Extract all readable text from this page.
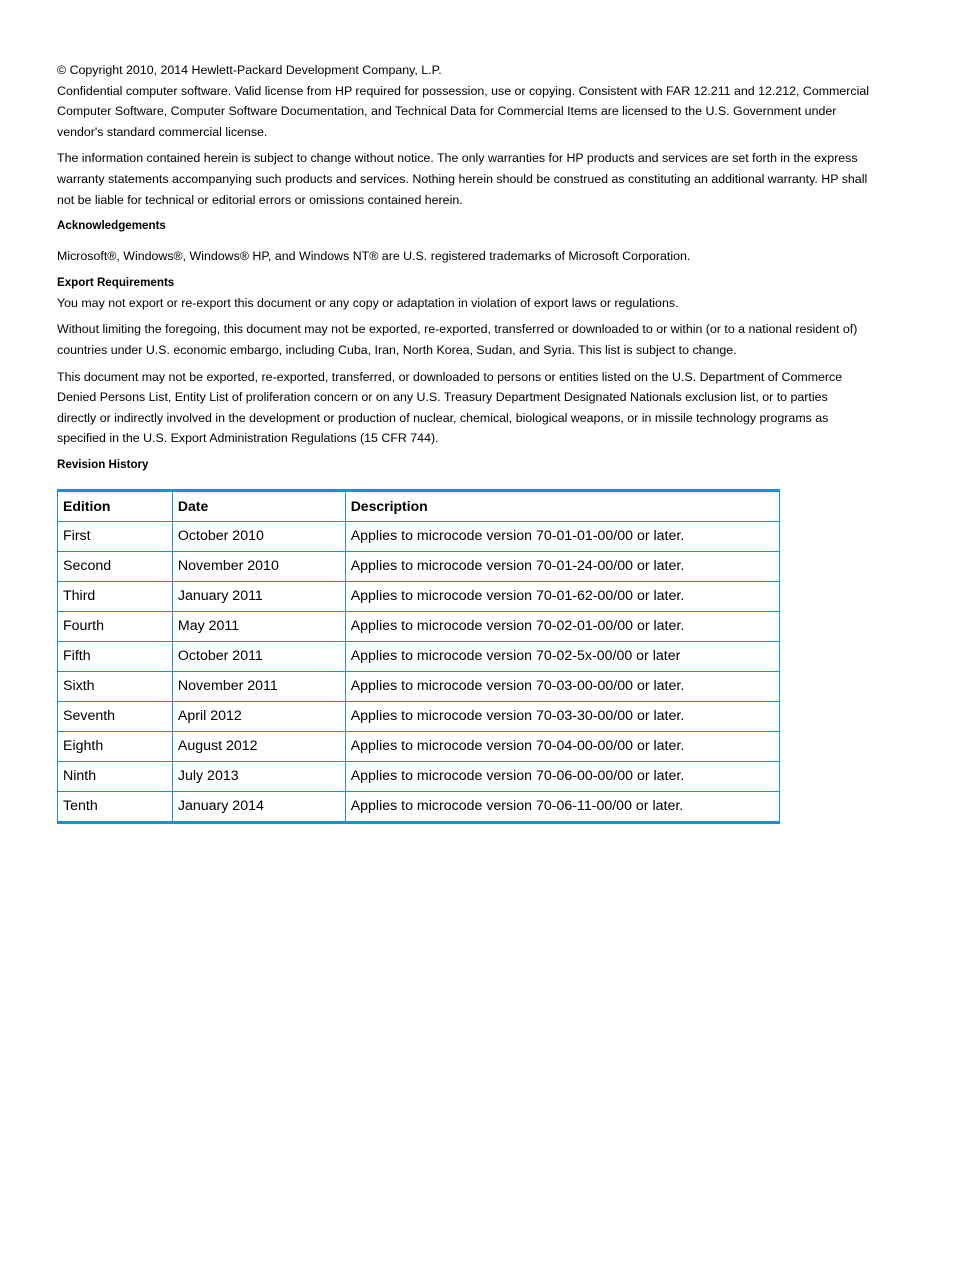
© Copyright 2010, 2014 Hewlett-Packard Development Company, L.P.

Confidential computer software. Valid license from HP required for possession, use or copying. Consistent with FAR 12.211 and 12.212, Commercial Computer Software, Computer Software Documentation, and Technical Data for Commercial Items are licensed to the U.S. Government under vendor's standard commercial license.

The information contained herein is subject to change without notice. The only warranties for HP products and services are set forth in the express warranty statements accompanying such products and services. Nothing herein should be construed as constituting an additional warranty. HP shall not be liable for technical or editorial errors or omissions contained herein.

Acknowledgements

Microsoft®, Windows®, Windows® HP, and Windows NT® are U.S. registered trademarks of Microsoft Corporation.

Export Requirements

You may not export or re-export this document or any copy or adaptation in violation of export laws or regulations.

Without limiting the foregoing, this document may not be exported, re-exported, transferred or downloaded to or within (or to a national resident of) countries under U.S. economic embargo, including Cuba, Iran, North Korea, Sudan, and Syria. This list is subject to change.

This document may not be exported, re-exported, transferred, or downloaded to persons or entities listed on the U.S. Department of Commerce Denied Persons List, Entity List of proliferation concern or on any U.S. Treasury Department Designated Nationals exclusion list, or to parties directly or indirectly involved in the development or production of nuclear, chemical, biological weapons, or in missile technology programs as specified in the U.S. Export Administration Regulations (15 CFR 744).

Revision History
Edition	Date	Description
First	October 2010	Applies to microcode version 70-01-01-00/00 or later.
Second	November 2010	Applies to microcode version 70-01-24-00/00 or later.
Third	January 2011	Applies to microcode version 70-01-62-00/00 or later.
Fourth	May 2011	Applies to microcode version 70-02-01-00/00 or later.
Fifth	October 2011	Applies to microcode version 70-02-5x-00/00 or later
Sixth	November 2011	Applies to microcode version 70-03-00-00/00 or later.
Seventh	April 2012	Applies to microcode version 70-03-30-00/00 or later.
Eighth	August 2012	Applies to microcode version 70-04-00-00/00 or later.
Ninth	July 2013	Applies to microcode version 70-06-00-00/00 or later.
Tenth	January 2014	Applies to microcode version 70-06-11-00/00 or later.
